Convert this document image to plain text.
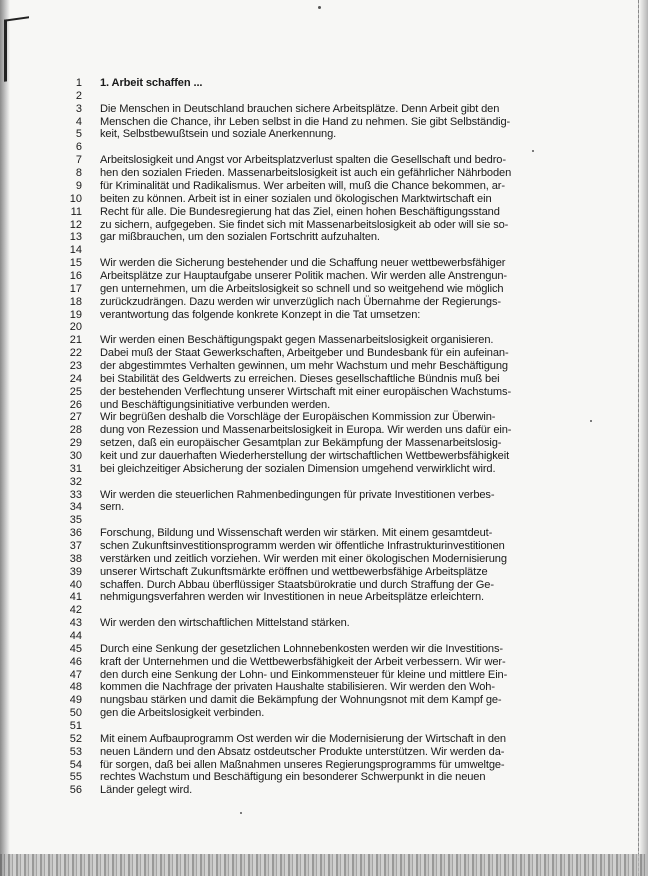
1 1. Arbeit schaffen ...
2
3 Die Menschen in Deutschland brauchen sichere Arbeitsplätze. Denn Arbeit gibt den
4 Menschen die Chance, ihr Leben selbst in die Hand zu nehmen. Sie gibt Selbständig-
5 keit, Selbstbewußtsein und soziale Anerkennung.
6
7 Arbeitslosigkeit und Angst vor Arbeitsplatzverlust spalten die Gesellschaft und bedro-
8 hen den sozialen Frieden. Massenarbeitslosigkeit ist auch ein gefährlicher Nährboden
9 für Kriminalität und Radikalismus. Wer arbeiten will, muß die Chance bekommen, ar-
10 beiten zu können. Arbeit ist in einer sozialen und ökologischen Marktwirtschaft ein
11 Recht für alle. Die Bundesregierung hat das Ziel, einen hohen Beschäftigungsstand
12 zu sichern, aufgegeben. Sie findet sich mit Massenarbeitslosigkeit ab oder will sie so-
13 gar mißbrauchen, um den sozialen Fortschritt aufzuhalten.
14
15 Wir werden die Sicherung bestehender und die Schaffung neuer wettbewerbsfähiger
16 Arbeitsplätze zur Hauptaufgabe unserer Politik machen. Wir werden alle Anstrengun-
17 gen unternehmen, um die Arbeitslosigkeit so schnell und so weitgehend wie möglich
18 zurückzudrängen. Dazu werden wir unverzüglich nach Übernahme der Regierungs-
19 verantwortung das folgende konkrete Konzept in die Tat umsetzen:
20
21 Wir werden einen Beschäftigungspakt gegen Massenarbeitslosigkeit organisieren.
22 Dabei muß der Staat Gewerkschaften, Arbeitgeber und Bundesbank für ein aufeinan-
23 der abgestimmtes Verhalten gewinnen, um mehr Wachstum und mehr Beschäftigung
24 bei Stabilität des Geldwerts zu erreichen. Dieses gesellschaftliche Bündnis muß bei
25 der bestehenden Verflechtung unserer Wirtschaft mit einer europäischen Wachstums-
26 und Beschäftigungsinitiative verbunden werden.
27 Wir begrüßen deshalb die Vorschläge der Europäischen Kommission zur Überwin-
28 dung von Rezession und Massenarbeitslosigkeit in Europa. Wir werden uns dafür ein-
29 setzen, daß ein europäischer Gesamtplan zur Bekämpfung der Massenarbeitslosig-
30 keit und zur dauerhaften Wiederherstellung der wirtschaftlichen Wettbewerbsfähigkeit
31 bei gleichzeitiger Absicherung der sozialen Dimension umgehend verwirklicht wird.
32
33 Wir werden die steuerlichen Rahmenbedingungen für private Investitionen verbes-
34 sern.
35
36 Forschung, Bildung und Wissenschaft werden wir stärken. Mit einem gesamtdeut-
37 schen Zukunftsinvestitionsprogramm werden wir öffentliche Infrastrukturinvestitionen
38 verstärken und zeitlich vorziehen. Wir werden mit einer ökologischen Modernisierung
39 unserer Wirtschaft Zukunftsmärkte eröffnen und wettbewerbsfähige Arbeitsplätze
40 schaffen. Durch Abbau überflüssiger Staatsbürokratie und durch Straffung der Ge-
41 nehmigungsverfahren werden wir Investitionen in neue Arbeitsplätze erleichtern.
42
43 Wir werden den wirtschaftlichen Mittelstand stärken.
44
45 Durch eine Senkung der gesetzlichen Lohnnebenkosten werden wir die Investitions-
46 kraft der Unternehmen und die Wettbewerbsfähigkeit der Arbeit verbessern. Wir wer-
47 den durch eine Senkung der Lohn- und Einkommensteuer für kleine und mittlere Ein-
48 kommen die Nachfrage der privaten Haushalte stabilisieren. Wir werden den Woh-
49 nungsbau stärken und damit die Bekämpfung der Wohnungsnot mit dem Kampf ge-
50 gen die Arbeitslosigkeit verbinden.
51
52 Mit einem Aufbauprogramm Ost werden wir die Modernisierung der Wirtschaft in den
53 neuen Ländern und den Absatz ostdeutscher Produkte unterstützen. Wir werden da-
54 für sorgen, daß bei allen Maßnahmen unseres Regierungsprogramms für umweltge-
55 rechtes Wachstum und Beschäftigung ein besonderer Schwerpunkt in die neuen
56 Länder gelegt wird.
